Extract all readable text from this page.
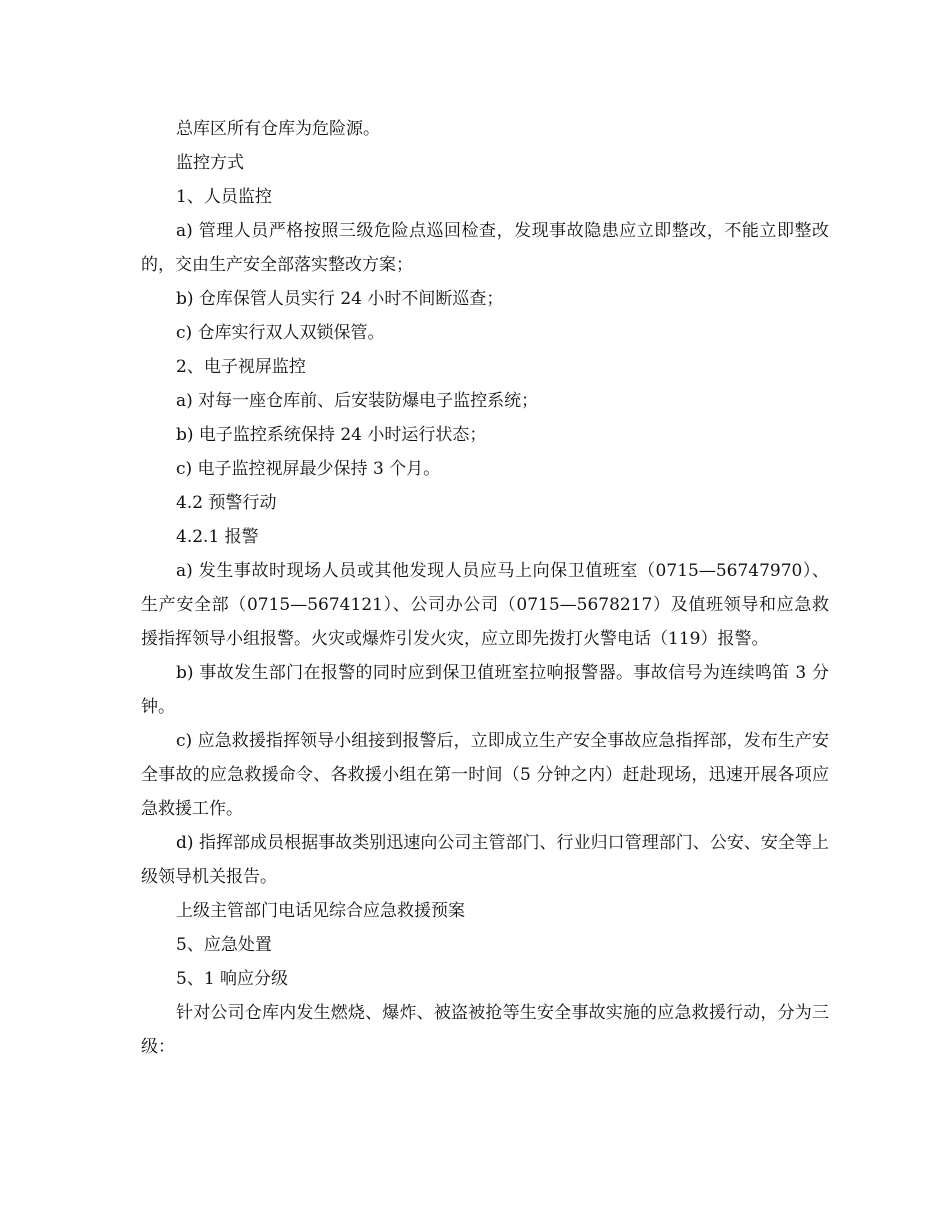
总库区所有仓库为危险源。

监控方式

1、人员监控

a) 管理人员严格按照三级危险点巡回检查，发现事故隐患应立即整改，不能立即整改的，交由生产安全部落实整改方案；

b) 仓库保管人员实行 24 小时不间断巡查；

c) 仓库实行双人双锁保管。

2、电子视屏监控

a) 对每一座仓库前、后安装防爆电子监控系统；

b) 电子监控系统保持 24 小时运行状态；

c) 电子监控视屏最少保持 3 个月。

4.2 预警行动

4.2.1 报警

a) 发生事故时现场人员或其他发现人员应马上向保卫值班室（0715—56747970）、生产安全部（0715—5674121）、公司办公司（0715—5678217）及值班领导和应急救援指挥领导小组报警。火灾或爆炸引发火灾，应立即先拨打火警电话（119）报警。

b) 事故发生部门在报警的同时应到保卫值班室拉响报警器。事故信号为连续鸣笛 3 分钟。

c) 应急救援指挥领导小组接到报警后，立即成立生产安全事故应急指挥部，发布生产安全事故的应急救援命令、各救援小组在第一时间（5 分钟之内）赶赴现场，迅速开展各项应急救援工作。

d) 指挥部成员根据事故类别迅速向公司主管部门、行业归口管理部门、公安、安全等上级领导机关报告。

上级主管部门电话见综合应急救援预案

5、应急处置

5、1 响应分级

针对公司仓库内发生燃烧、爆炸、被盗被抢等生安全事故实施的应急救援行动，分为三级：
